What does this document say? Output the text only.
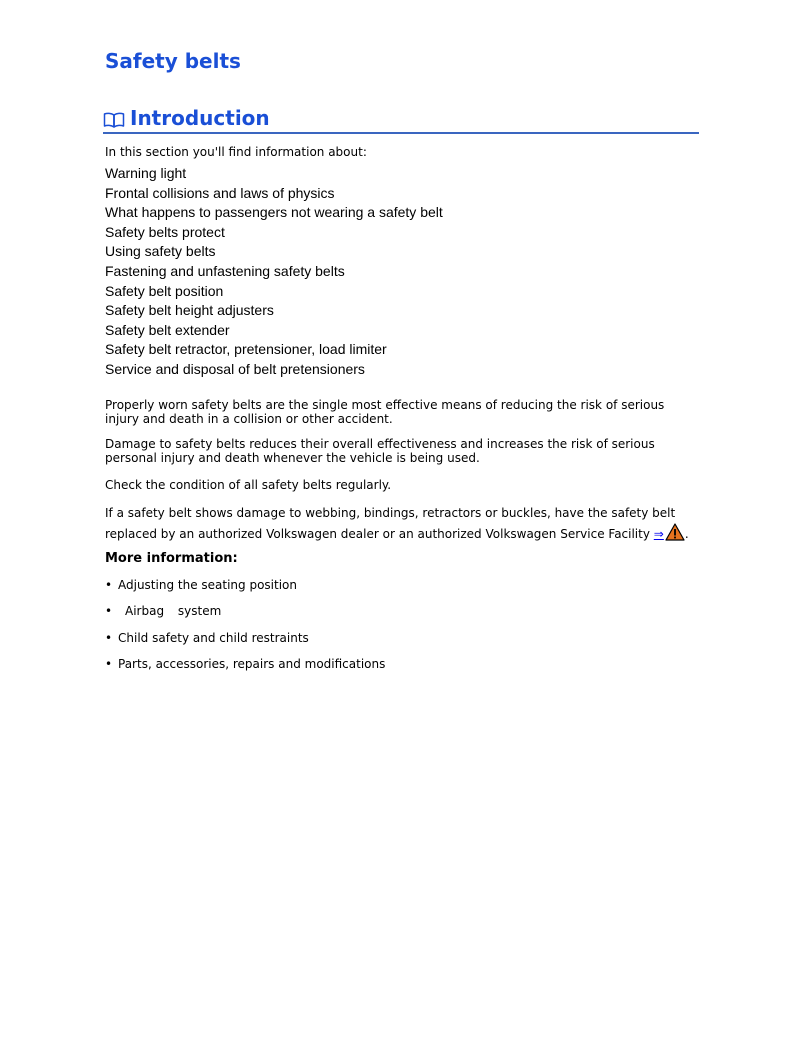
Safety belts
Introduction
In this section you'll find information about:
Warning light
Frontal collisions and laws of physics
What happens to passengers not wearing a safety belt
Safety belts protect
Using safety belts
Fastening and unfastening safety belts
Safety belt position
Safety belt height adjusters
Safety belt extender
Safety belt retractor, pretensioner, load limiter
Service and disposal of belt pretensioners

Properly worn safety belts are the single most effective means of reducing the risk of serious injury and death in a collision or other accident.

Damage to safety belts reduces their overall effectiveness and increases the risk of serious personal injury and death whenever the vehicle is being used.

Check the condition of all safety belts regularly.

If a safety belt shows damage to webbing, bindings, retractors or buckles, have the safety belt replaced by an authorized Volkswagen dealer or an authorized Volkswagen Service Facility ⇒ .

More information:
• Adjusting the seating position
•	Airbag system
• Child safety and child restraints
• Parts, accessories, repairs and modifications
